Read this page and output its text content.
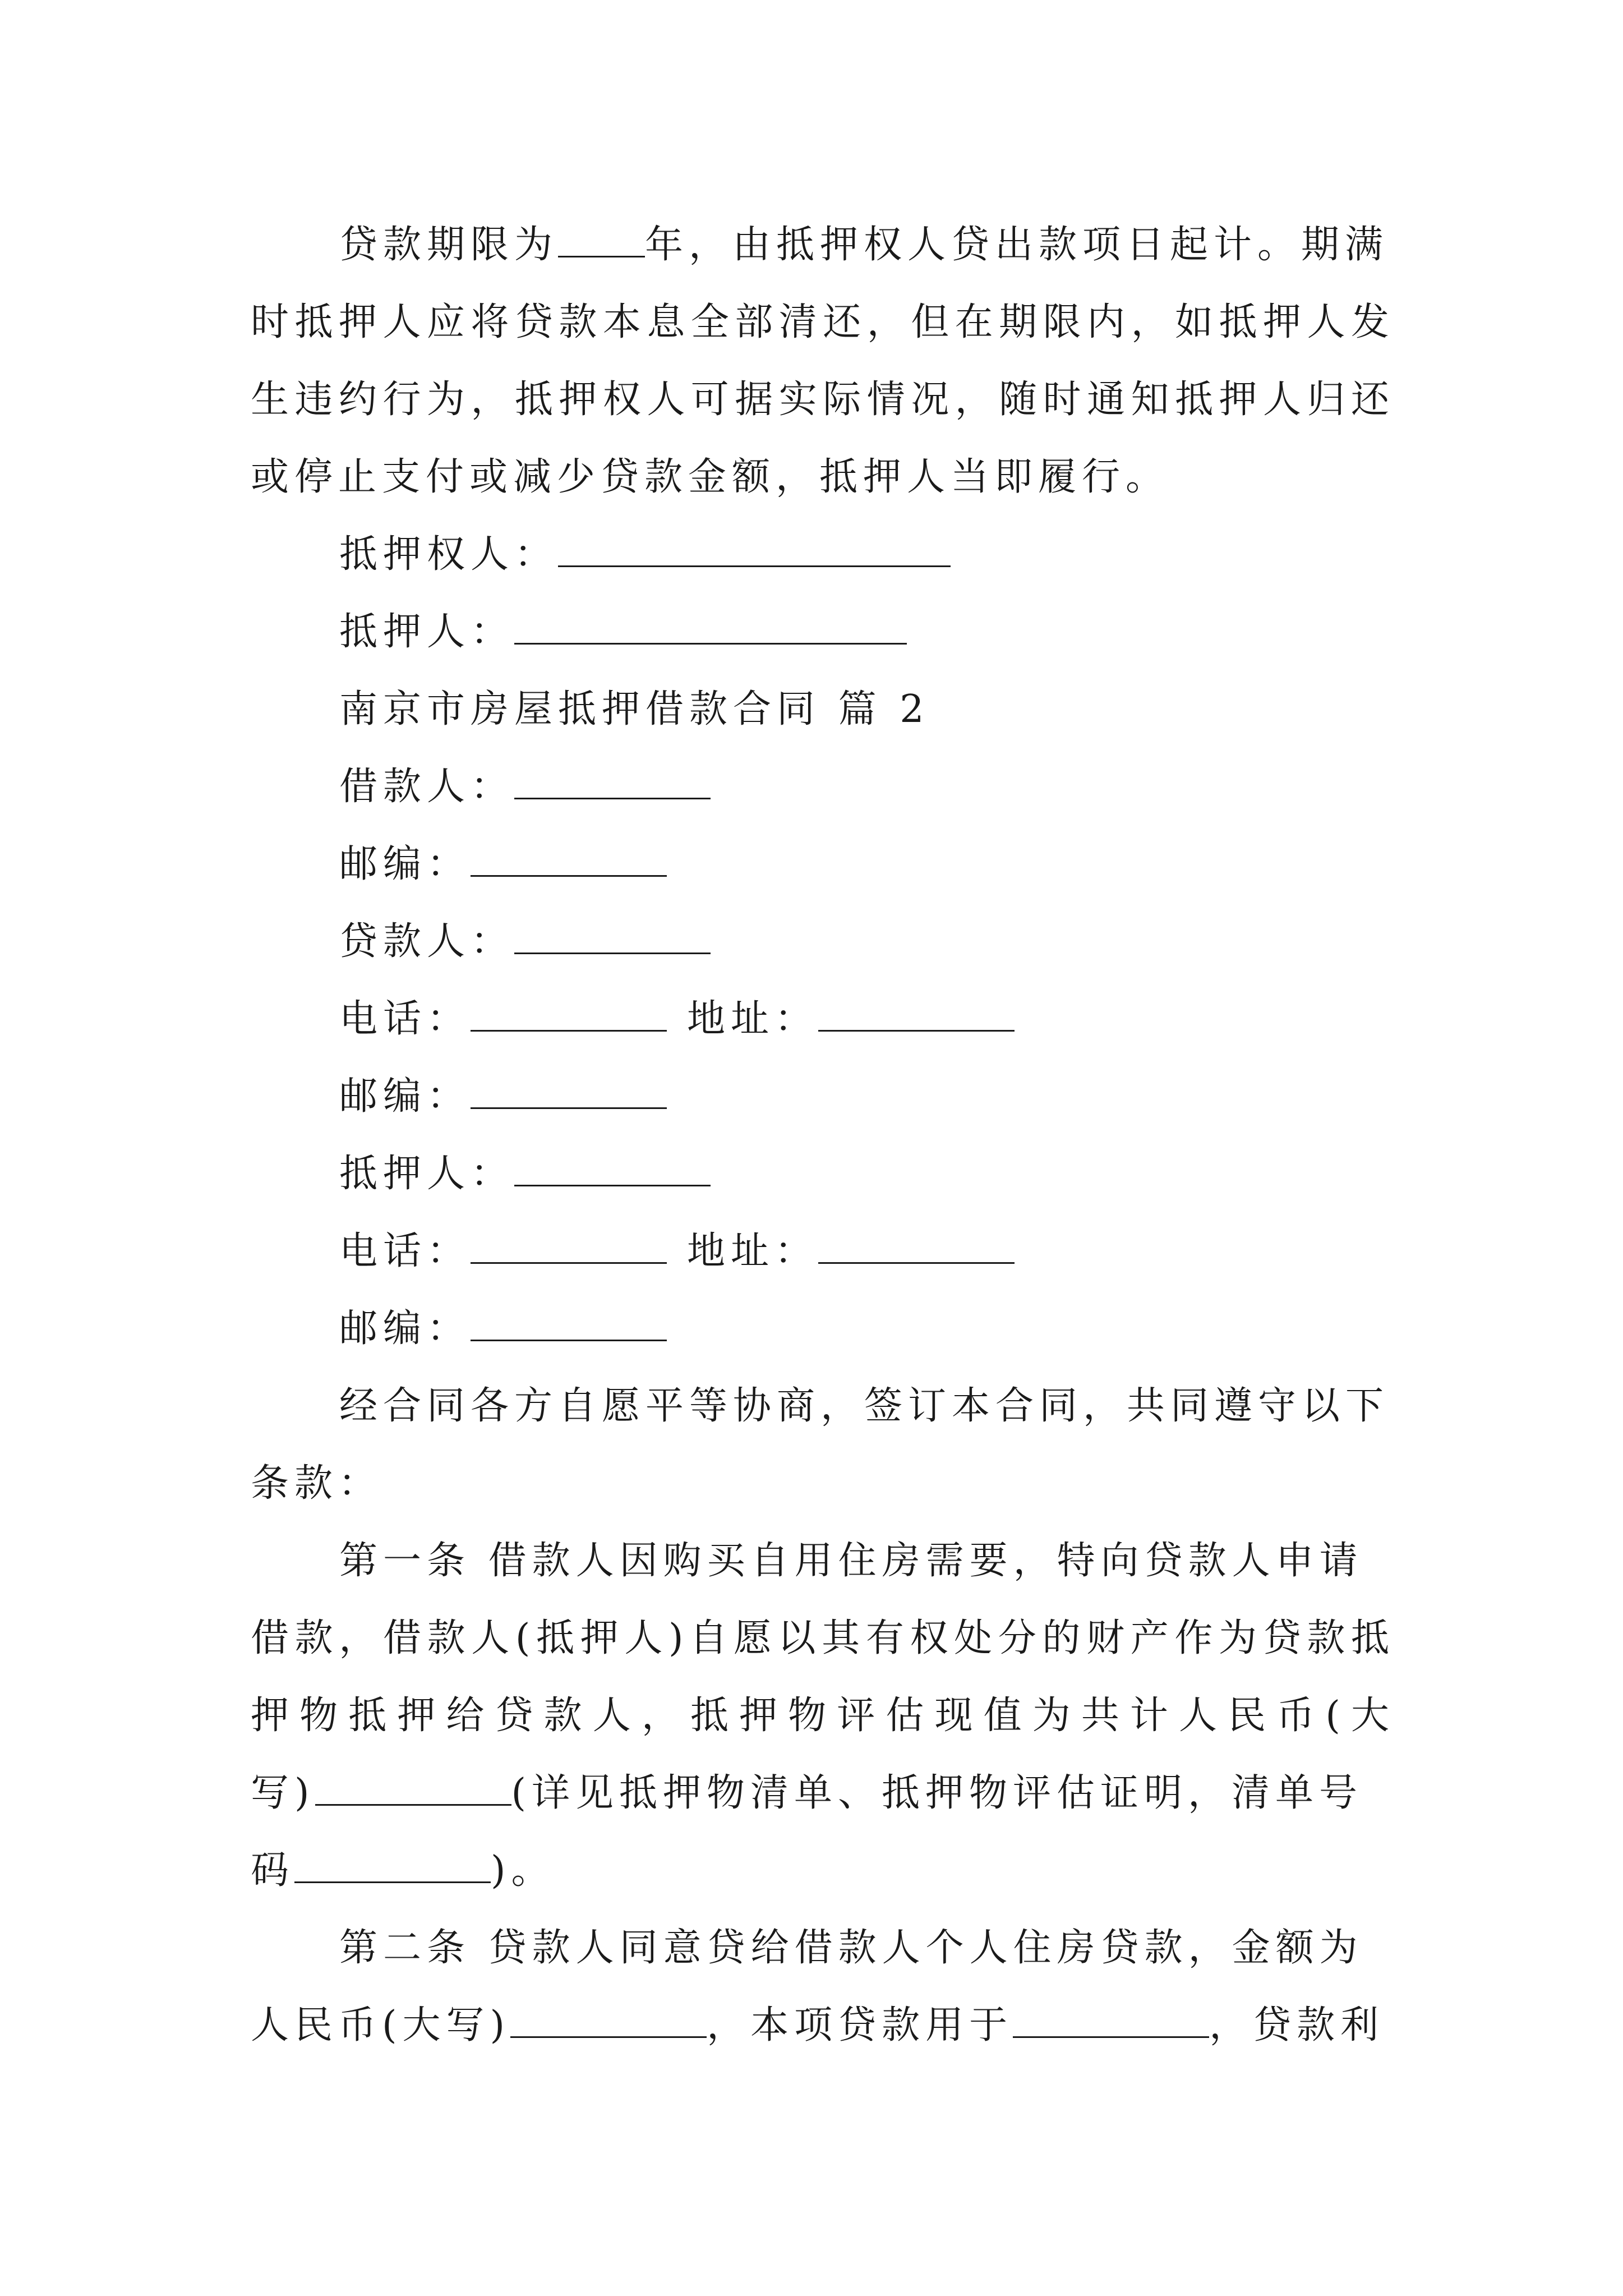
贷款期限为 年，由抵押权人贷出款项日起计。期满
时抵押人应将贷款本息全部清还，但在期限内，如抵押人发
生违约行为，抵押权人可据实际情况，随时通知抵押人归还
或停止支付或减少贷款金额，抵押人当即履行。
抵押权人：
抵押人：
南京市房屋抵押借款合同 篇 2
借款人：
邮编：
贷款人：
电话：	地址：
邮编：
抵押人：
电话：	地址：
邮编：
经合同各方自愿平等协商，签订本合同，共同遵守以下
条款：
第一条 借款人因购买自用住房需要，特向贷款人申请
借款，借款人(抵押人)自愿以其有权处分的财产作为贷款抵
押物抵押给贷款人，抵押物评估现值为共计人民币(大
写)	(详见抵押物清单、抵押物评估证明，清单号
码	)。
第二条 贷款人同意贷给借款人个人住房贷款，金额为
人民币(大写)	，本项贷款用于	，贷款利
